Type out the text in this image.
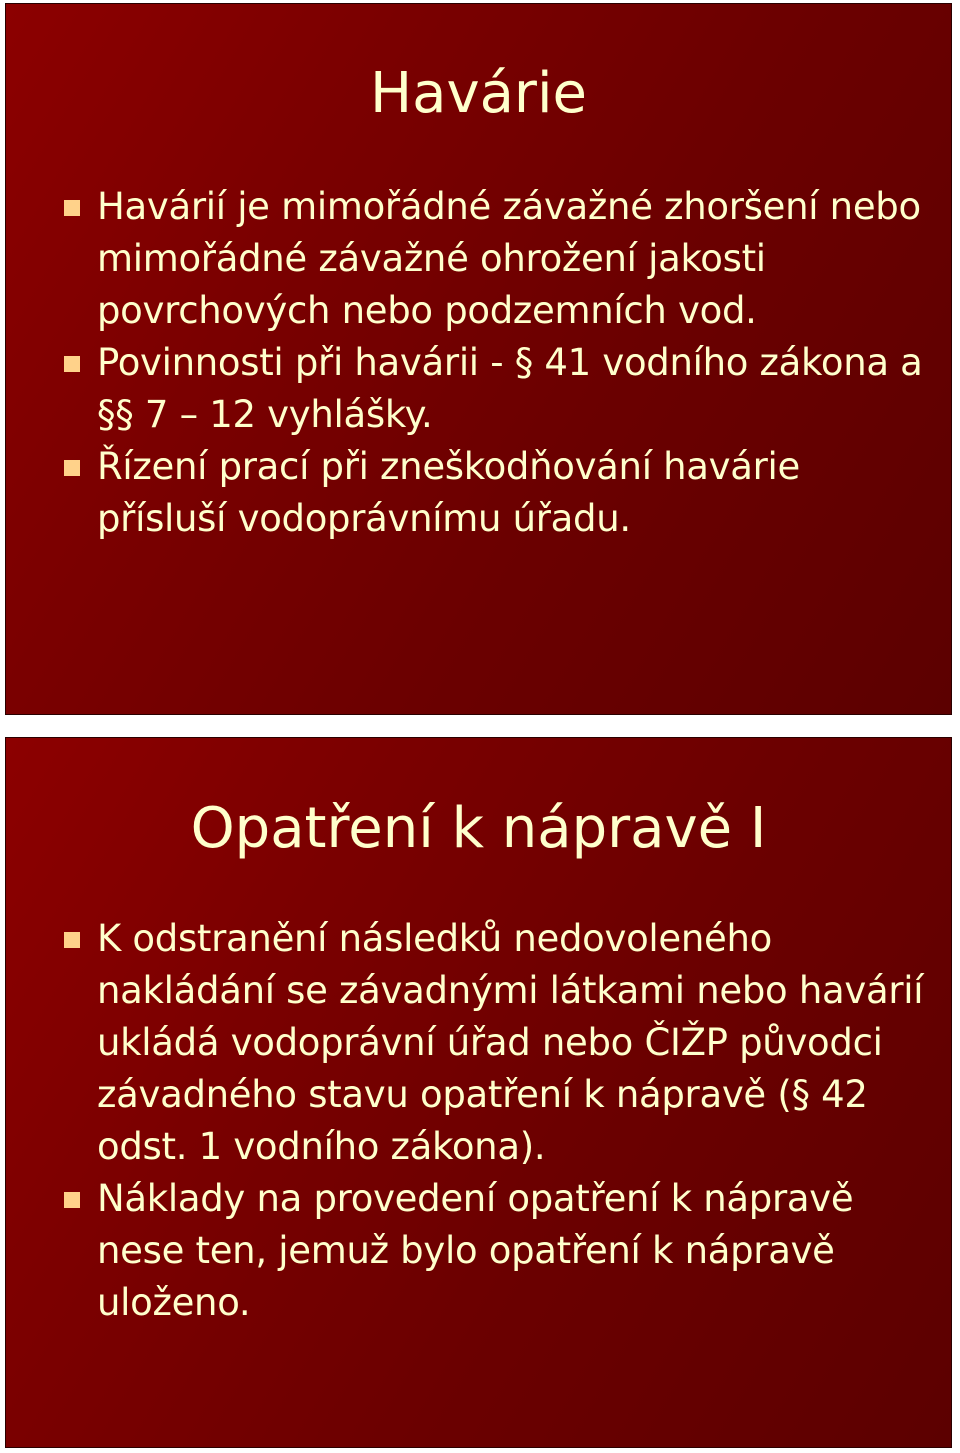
Havárie
Havárií je mimořádné závažné zhoršení nebo mimořádné závažné ohrožení jakosti povrchových nebo podzemních vod.
Povinnosti při havárii - § 41 vodního zákona a §§ 7 – 12 vyhlášky.
Řízení prací při zneškodňování havárie přísluší vodoprávnímu úřadu.
Opatření k nápravě I
K odstranění následků nedovoleného nakládání se závadnými látkami nebo havárií ukládá vodoprávní úřad nebo ČIŽP původci závadného stavu opatření k nápravě (§ 42 odst. 1 vodního zákona).
Náklady na provedení opatření k nápravě nese ten, jemuž bylo opatření k nápravě uloženo.
